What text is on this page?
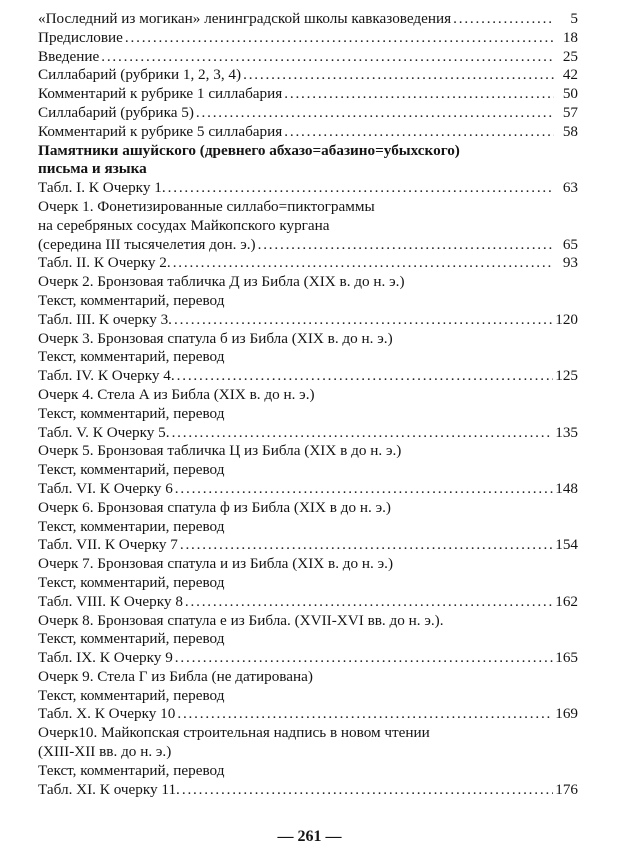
«Последний из могикан» ленинградской школы кавказоведения . . .	5
Предисловие . . .	18
Введение . . .	25
Силлабарий (рубрики 1, 2, 3, 4) . . .	42
Комментарий к рубрике 1 силлабария . . .	50
Силлабарий (рубрика 5) . . .	57
Комментарий к рубрике 5 силлабария . . .	58
Памятники ашуйского (древнего абхазо=абазино=убыхского)
письма и языка
Табл. I. К Очерку 1. . . .	63
Очерк 1. Фонетизированные силлабо=пиктограммы
на серебряных сосудах Майкопского кургана
(середина III тысячелетия дон. э.) . . .	65
Табл. II. К Очерку 2. . . .	93
Очерк 2. Бронзовая табличка Д из Библа (XIX в. до н. э.)
Текст, комментарий, перевод
Табл. III. К очерку 3. . . .	120
Очерк 3. Бронзовая спатула б из Библа (XIX в. до н. э.)
Текст, комментарий, перевод
Табл. IV. К Очерку 4. . . .	125
Очерк 4. Стела А из Библа (XIX в. до н. э.)
Текст, комментарий, перевод
Табл. V. К Очерку 5. . . .	135
Очерк 5. Бронзовая табличка Ц из Библа (XIX в до н. э.)
Текст, комментарий, перевод
Табл. VI. К Очерку 6 . . .	148
Очерк 6. Бронзовая спатула ф из Библа (XIX в до н. э.)
Текст, комментарии, перевод
Табл. VII. К Очерку 7 . . .	154
Очерк 7. Бронзовая спатула и из Библа (XIX в. до н. э.)
Текст, комментарий, перевод
Табл. VIII. К Очерку 8 . . .	162
Очерк 8. Бронзовая спатула е из Библа. (XVII-XVI вв. до н. э.).
Текст, комментарий, перевод
Табл. IX. К Очерку 9 . . .	165
Очерк 9. Стела Г из Библа (не датирована)
Текст, комментарий, перевод
Табл. X. К Очерку 10 . . .	169
Очерк10. Майкопская строительная надпись в новом чтении
(XIII-XII вв. до н. э.)
Текст, комментарий, перевод
Табл. XI. К очерку 11. . . .	176
— 261 —
